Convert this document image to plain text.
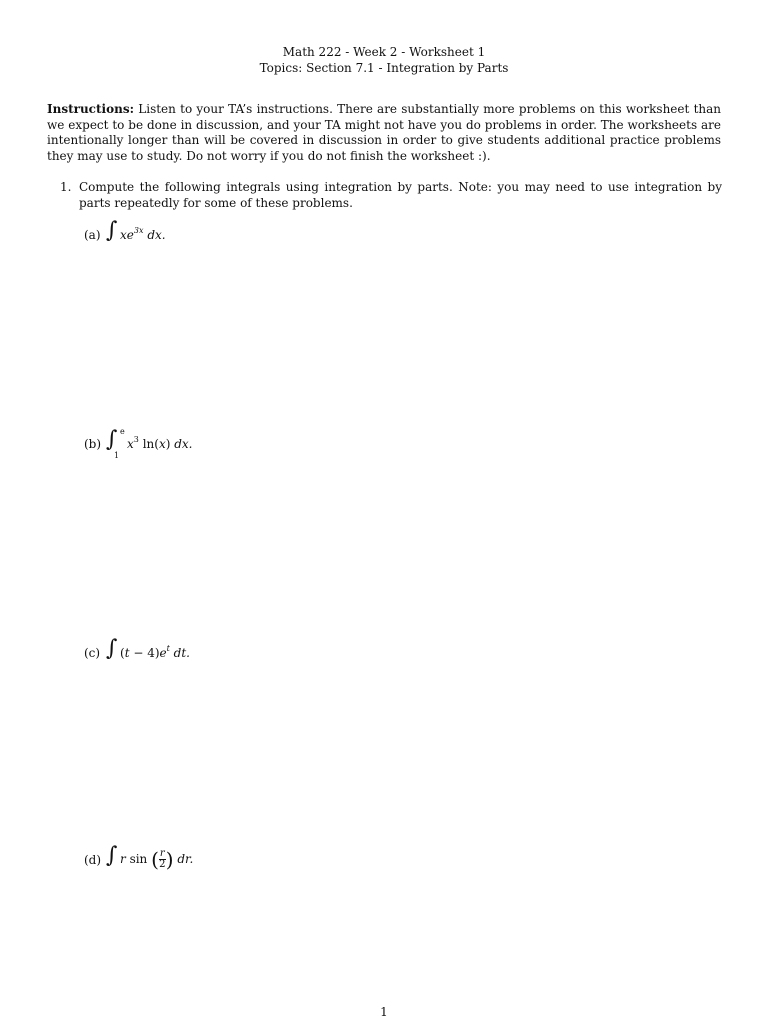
Math 222 - Week 2 - Worksheet 1
Topics: Section 7.1 - Integration by Parts
Instructions: Listen to your TA’s instructions. There are substantially more problems on this worksheet than we expect to be done in discussion, and your TA might not have you do problems in order. The worksheets are intentionally longer than will be covered in discussion in order to give students additional practice problems they may use to study. Do not worry if you do not finish the worksheet :).
1. Compute the following integrals using integration by parts. Note: you may need to use integration by parts repeatedly for some of these problems.
(a) ∫ $xe^{3x}$ dx.
(b) ∫ e
1
$x^3$ ln(x) dx.
(c) ∫ $(t - 4)e^t$ dt.
(d) ∫ r sin ( $\frac{r}{2}$ ) dr.
1
